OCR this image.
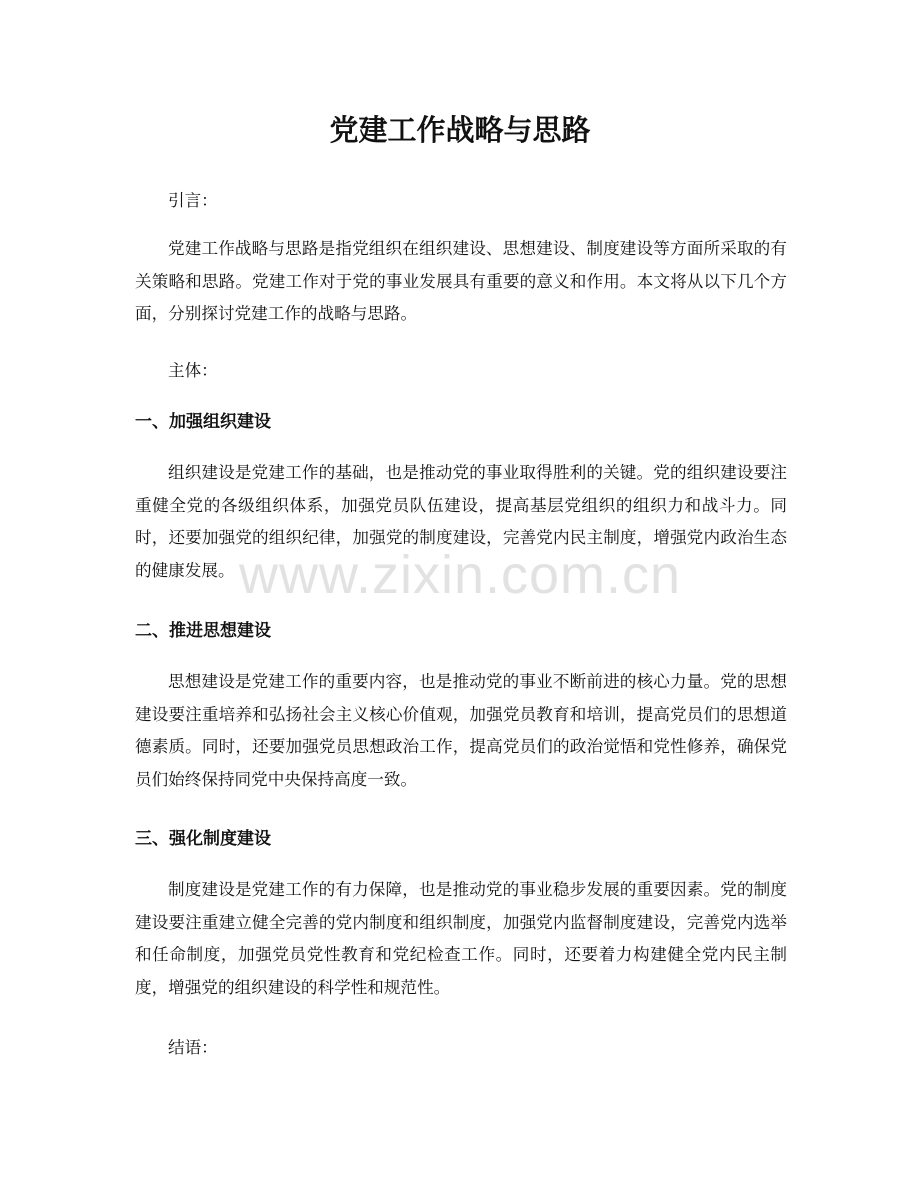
党建工作战略与思路

引言：

党建工作战略与思路是指党组织在组织建设、思想建设、制度建设等方面所采取的有关策略和思路。党建工作对于党的事业发展具有重要的意义和作用。本文将从以下几个方面，分别探讨党建工作的战略与思路。

主体：

一、加强组织建设

组织建设是党建工作的基础，也是推动党的事业取得胜利的关键。党的组织建设要注重健全党的各级组织体系，加强党员队伍建设，提高基层党组织的组织力和战斗力。同时，还要加强党的组织纪律，加强党的制度建设，完善党内民主制度，增强党内政治生态的健康发展。

二、推进思想建设

思想建设是党建工作的重要内容，也是推动党的事业不断前进的核心力量。党的思想建设要注重培养和弘扬社会主义核心价值观，加强党员教育和培训，提高党员们的思想道德素质。同时，还要加强党员思想政治工作，提高党员们的政治觉悟和党性修养，确保党员们始终保持同党中央保持高度一致。

三、强化制度建设

制度建设是党建工作的有力保障，也是推动党的事业稳步发展的重要因素。党的制度建设要注重建立健全完善的党内制度和组织制度，加强党内监督制度建设，完善党内选举和任命制度，加强党员党性教育和党纪检查工作。同时，还要着力构建健全党内民主制度，增强党的组织建设的科学性和规范性。

结语：

www.zixin.com.cn
